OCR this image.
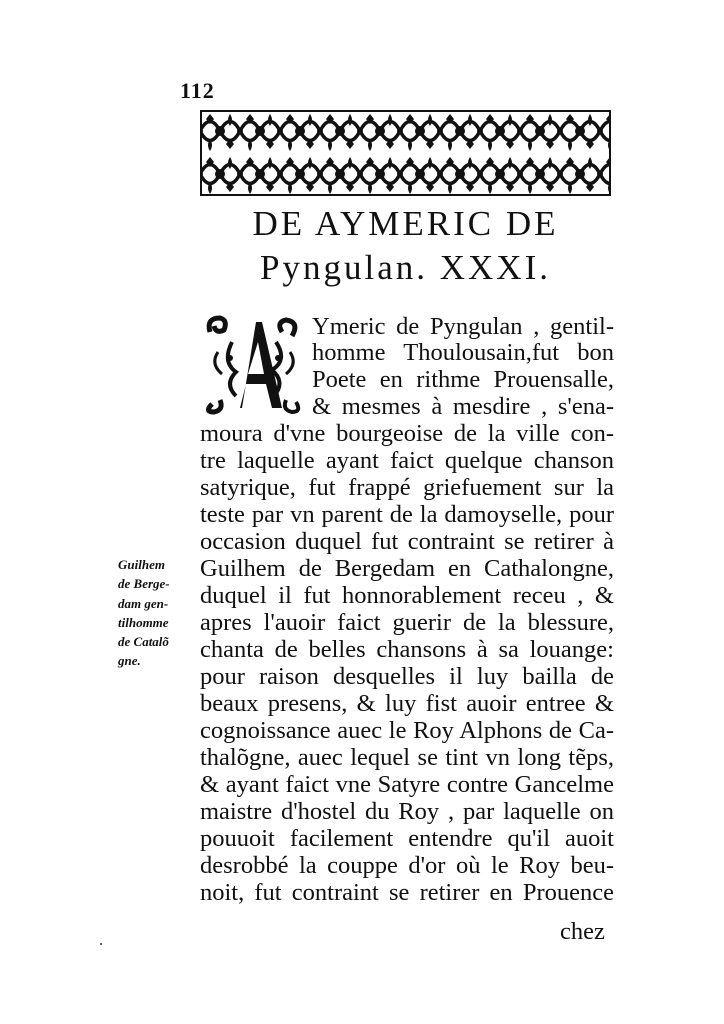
112
DE AYMERIC DE
Pyngulan. XXXI.
Ymeric de Pyngulan , gentil-
homme Thoulousain,fut bon
Poete en rithme Prouensalle,
& mesmes à mesdire , s'ena-
moura d'vne bourgeoise de la ville con-
tre laquelle ayant faict quelque chanson
satyrique, fut frappé griefuement sur la
teste par vn parent de la damoyselle, pour
occasion duquel fut contraint se retirer à
Guilhem de Bergedam en Cathalongne,
duquel il fut honnorablement receu , &
apres l'auoir faict guerir de la blessure,
chanta de belles chansons à sa louange:
pour raison desquelles il luy bailla de
beaux presens, & luy fist auoir entree &
cognoissance auec le Roy Alphons de Ca-
thalõgne, auec lequel se tint vn long tẽps,
& ayant faict vne Satyre contre Gancelme
maistre d'hostel du Roy , par laquelle on
pouuoit facilement entendre qu'il auoit
desrobbé la couppe d'or où le Roy beu-
noit, fut contraint se retirer en Prouence
chez
Guilhem
de Berge-
dam gen-
tilhomme
de Catalõ
gne.
